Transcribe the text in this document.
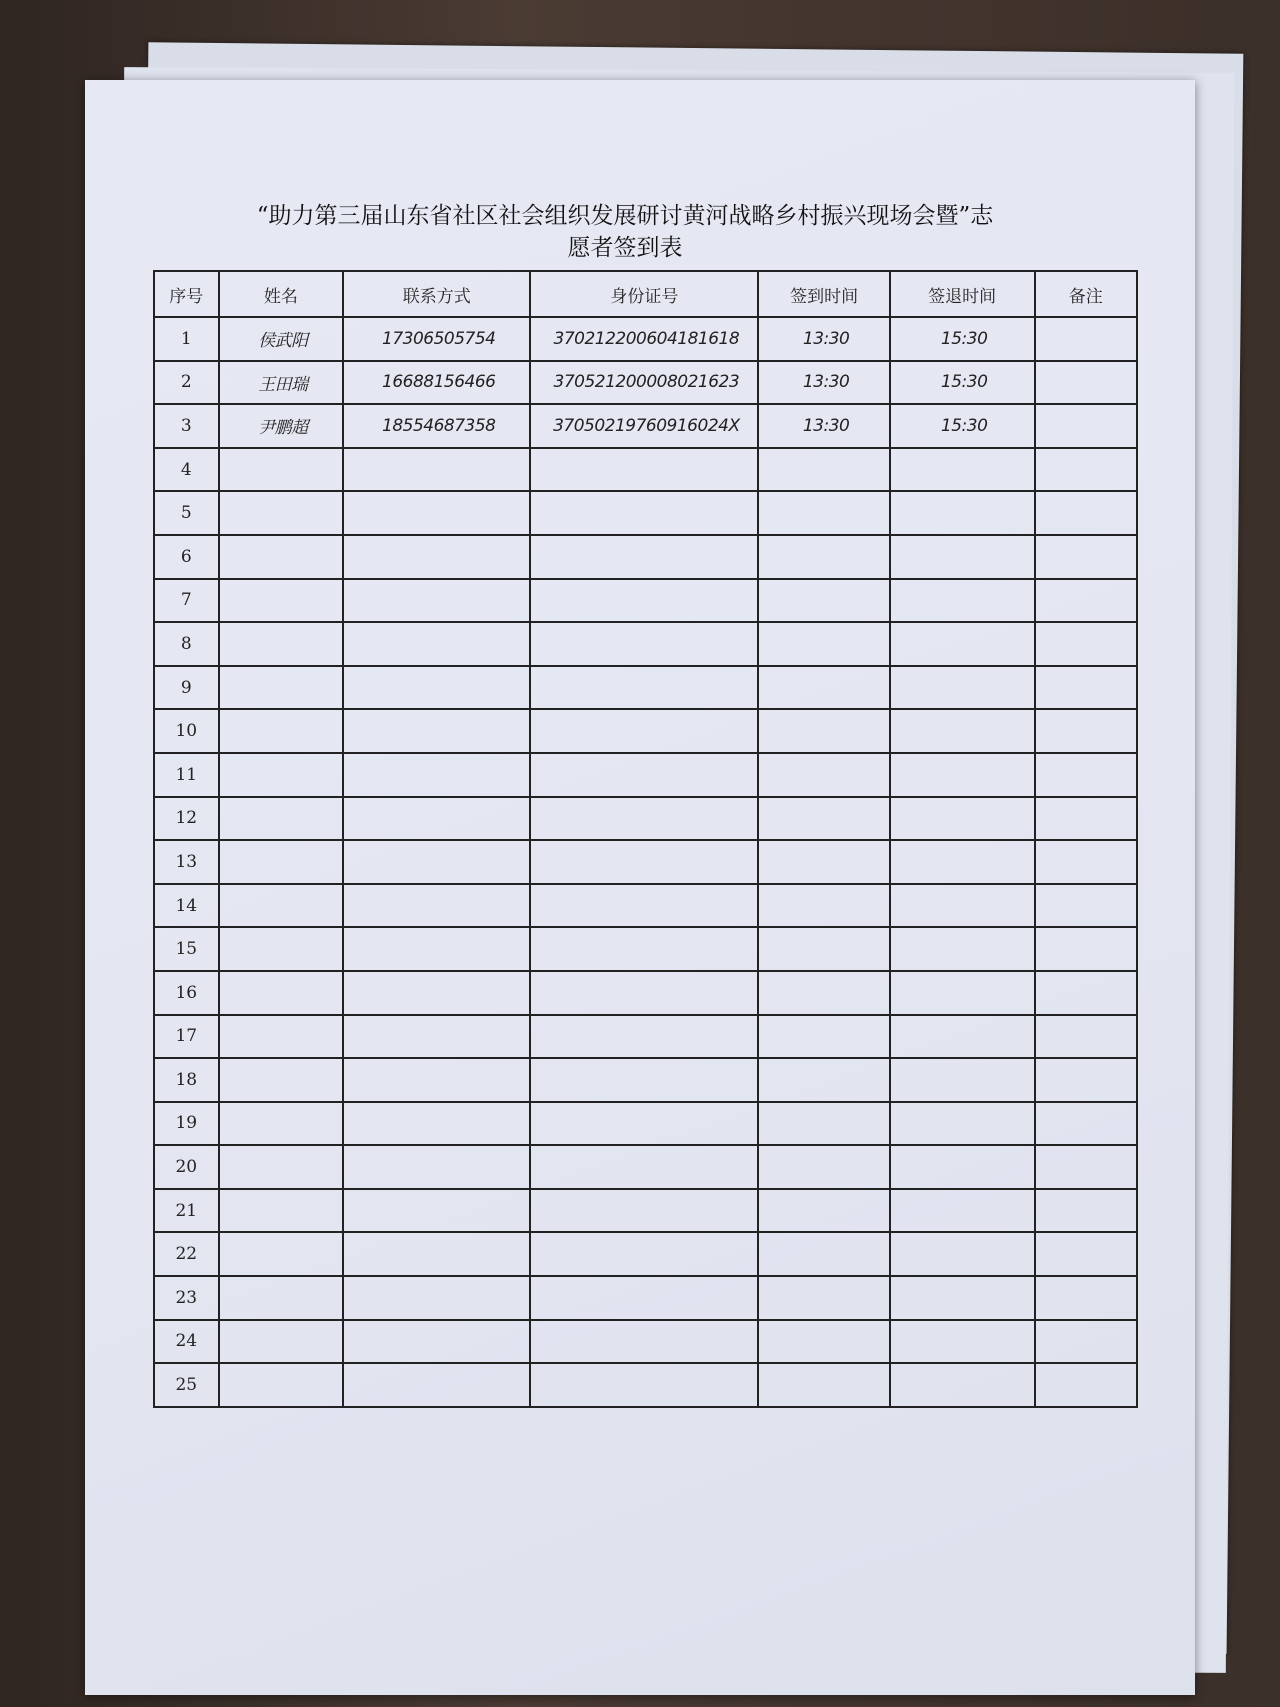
“助力第三届山东省社区社会组织发展研讨黄河战略乡村振兴现场会暨”志
愿者签到表
序号	姓名	联系方式	身份证号	签到时间	签退时间	备注
1	侯武阳	17306505754	370212200604181618	13:30	15:30	
2	王田瑞	16688156466	370521200008021623	13:30	15:30	
3	尹鹏超	18554687358	37050219760916024X	13:30	15:30	
4						
5						
6						
7						
8						
9						
10						
11						
12						
13						
14						
15						
16						
17						
18						
19						
20						
21						
22						
23						
24						
25						
